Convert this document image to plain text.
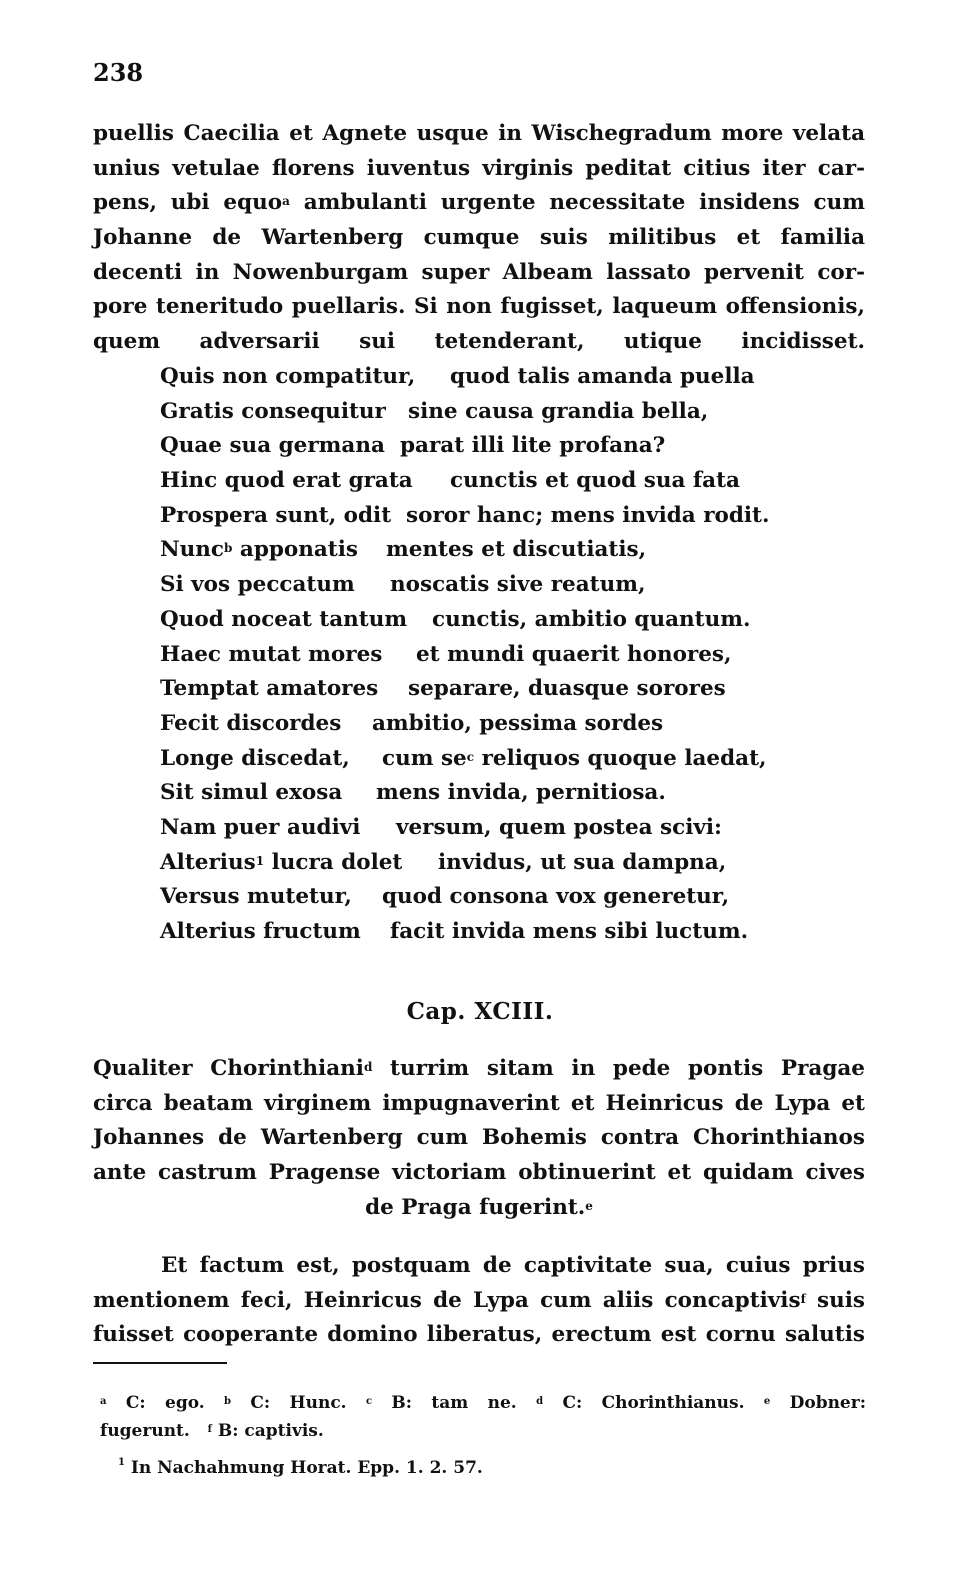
238
puellis Caecilia et Agnete usque in Wischegradum more velata
unius vetulae florens iuventus virginis peditat citius iter car-
pens, ubi equo$^a$ ambulanti urgente necessitate insidens cum
Johanne de Wartenberg cumque suis militibus et familia
decenti in Nowenburgam super Albeam lassato pervenit cor-
pore teneritudo puellaris. Si non fugisset, laqueum offensionis,
quem adversarii sui tetenderant, utique incidisset.
Quis non compatitur, quod talis amanda puella
Gratis consequitur sine causa grandia bella,
Quae sua germana parat illi lite profana?
Hinc quod erat grata cunctis et quod sua fata
Prospera sunt, odit soror hanc; mens invida rodit.
Nunc$^b$ apponatis mentes et discutiatis,
Si vos peccatum noscatis sive reatum,
Quod noceat tantum cunctis, ambitio quantum.
Haec mutat mores et mundi quaerit honores,
Temptat amatores separare, duasque sorores
Fecit discordes ambitio, pessima sordes
Longe discedat, cum $se^c$ reliquos quoque laedat,
Sit simul exosa mens invida, pernitiosa.
Nam puer audivi versum, quem postea scivi:
Alterius$^1$ lucra dolet invidus, ut sua dampna,
Versus mutetur, quod consona vox generetur,
Alterius fructum facit invida mens sibi luctum.
Cap. XCIII.
Qualiter Chorinthiani$^d$ turrim sitam in pede pontis Pragae
circa beatam virginem impugnaverint et Heinricus de Lypa et
Johannes de Wartenberg cum Bohemis contra Chorinthianos
ante castrum Pragense victoriam obtinuerint et quidam cives
de Praga fugerint.$^e$
Et factum est, postquam de captivitate sua, cuius prius
mentionem feci, Heinricus de Lypa cum aliis concaptivis$^f$ suis
fuisset cooperante domino liberatus, erectum est cornu salutis
$^a$ C: ego. $^b$ C: Hunc. $^c$ B: tam ne. $^d$ C: Chorinthianus. $^e$ Dobner:
fugerunt. $^f$ B: captivis.
$^1$ In Nachahmung Horat. Epp. 1. 2. 57.
